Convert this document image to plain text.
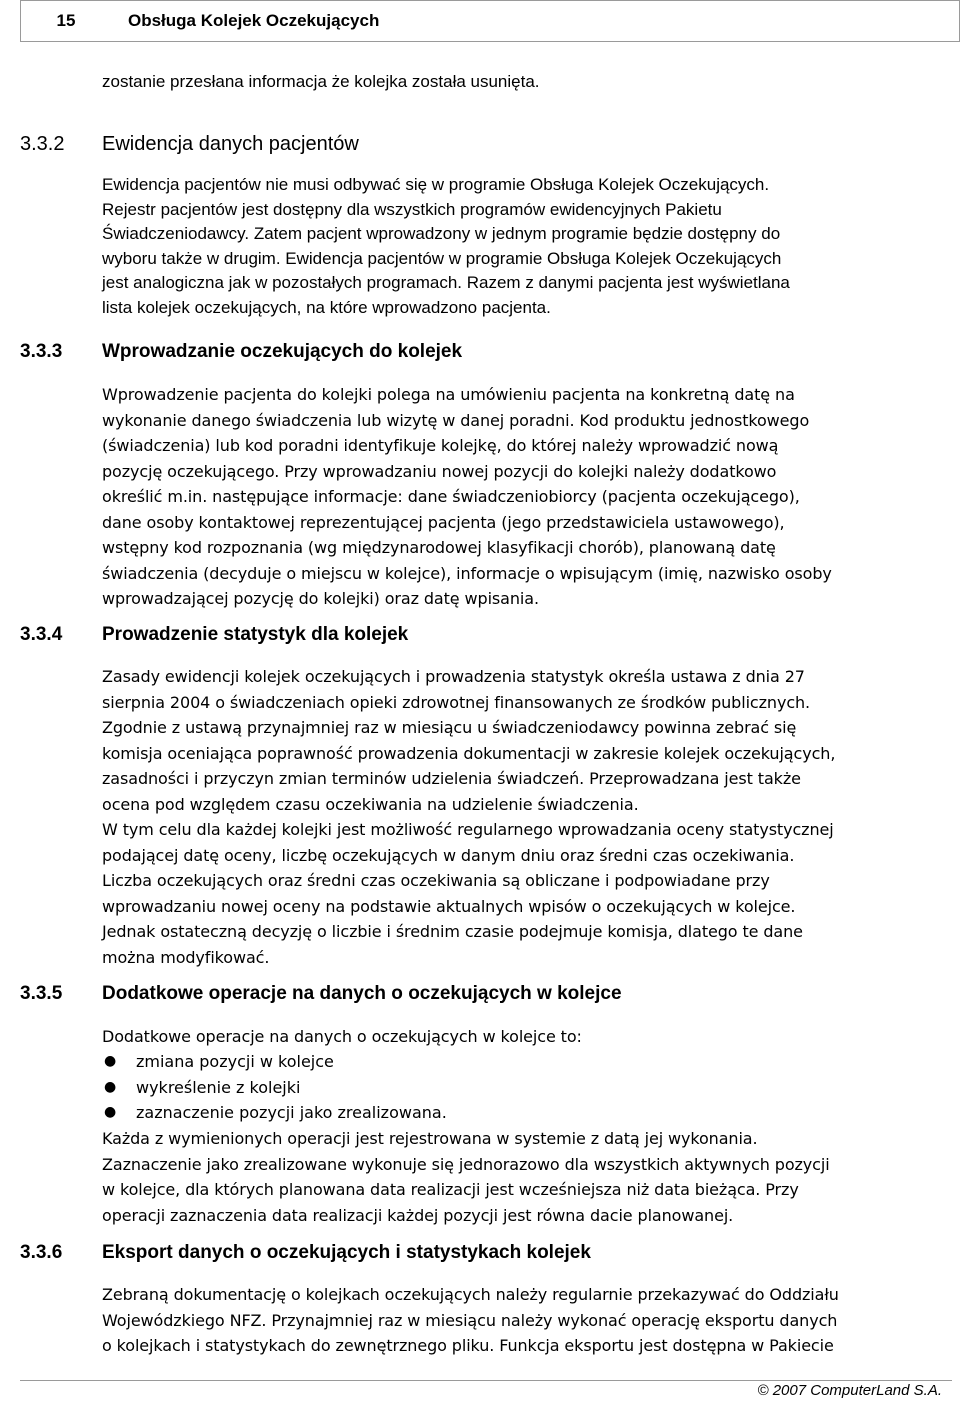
15	Obsługa Kolejek Oczekujących
zostanie przesłana informacja że kolejka została usunięta.
3.3.2 Ewidencja danych pacjentów
Ewidencja pacjentów nie musi odbywać się w programie Obsługa Kolejek Oczekujących.
Rejestr pacjentów jest dostępny dla wszystkich programów ewidencyjnych Pakietu
Świadczeniodawcy. Zatem pacjent wprowadzony w jednym programie będzie dostępny do
wyboru także w drugim. Ewidencja pacjentów w programie Obsługa Kolejek Oczekujących
jest analogiczna jak w pozostałych programach. Razem z danymi pacjenta jest wyświetlana
lista kolejek oczekujących, na które wprowadzono pacjenta.
3.3.3 Wprowadzanie oczekujących do kolejek
Wprowadzenie pacjenta do kolejki polega na umówieniu pacjenta na konkretną datę na
wykonanie danego świadczenia lub wizytę w danej poradni. Kod produktu jednostkowego
(świadczenia) lub kod poradni identyfikuje kolejkę, do której należy wprowadzić nową
pozycję oczekującego. Przy wprowadzaniu nowej pozycji do kolejki należy dodatkowo
określić m.in. następujące informacje: dane świadczeniobiorcy (pacjenta oczekującego),
dane osoby kontaktowej reprezentującej pacjenta (jego przedstawiciela ustawowego),
wstępny kod rozpoznania (wg międzynarodowej klasyfikacji chorób), planowaną datę
świadczenia (decyduje o miejscu w kolejce), informacje o wpisującym (imię, nazwisko osoby
wprowadzającej pozycję do kolejki) oraz datę wpisania.
3.3.4 Prowadzenie statystyk dla kolejek
Zasady ewidencji kolejek oczekujących i prowadzenia statystyk określa ustawa z dnia 27
sierpnia 2004 o świadczeniach opieki zdrowotnej finansowanych ze środków publicznych.
Zgodnie z ustawą przynajmniej raz w miesiącu u świadczeniodawcy powinna zebrać się
komisja oceniająca poprawność prowadzenia dokumentacji w zakresie kolejek oczekujących,
zasadności i przyczyn zmian terminów udzielenia świadczeń. Przeprowadzana jest także
ocena pod względem czasu oczekiwania na udzielenie świadczenia.
W tym celu dla każdej kolejki jest możliwość regularnego wprowadzania oceny statystycznej
podającej datę oceny, liczbę oczekujących w danym dniu oraz średni czas oczekiwania.
Liczba oczekujących oraz średni czas oczekiwania są obliczane i podpowiadane przy
wprowadzaniu nowej oceny na podstawie aktualnych wpisów o oczekujących w kolejce.
Jednak ostateczną decyzję o liczbie i średnim czasie podejmuje komisja, dlatego te dane
można modyfikować.
3.3.5 Dodatkowe operacje na danych o oczekujących w kolejce
Dodatkowe operacje na danych o oczekujących w kolejce to:
● zmiana pozycji w kolejce
● wykreślenie z kolejki
● zaznaczenie pozycji jako zrealizowana.
Każda z wymienionych operacji jest rejestrowana w systemie z datą jej wykonania.
Zaznaczenie jako zrealizowane wykonuje się jednorazowo dla wszystkich aktywnych pozycji
w kolejce, dla których planowana data realizacji jest wcześniejsza niż data bieżąca. Przy
operacji zaznaczenia data realizacji każdej pozycji jest równa dacie planowanej.
3.3.6 Eksport danych o oczekujących i statystykach kolejek
Zebraną dokumentację o kolejkach oczekujących należy regularnie przekazywać do Oddziału
Wojewódzkiego NFZ. Przynajmniej raz w miesiącu należy wykonać operację eksportu danych
o kolejkach i statystykach do zewnętrznego pliku. Funkcja eksportu jest dostępna w Pakiecie
© 2007 ComputerLand S.A.
